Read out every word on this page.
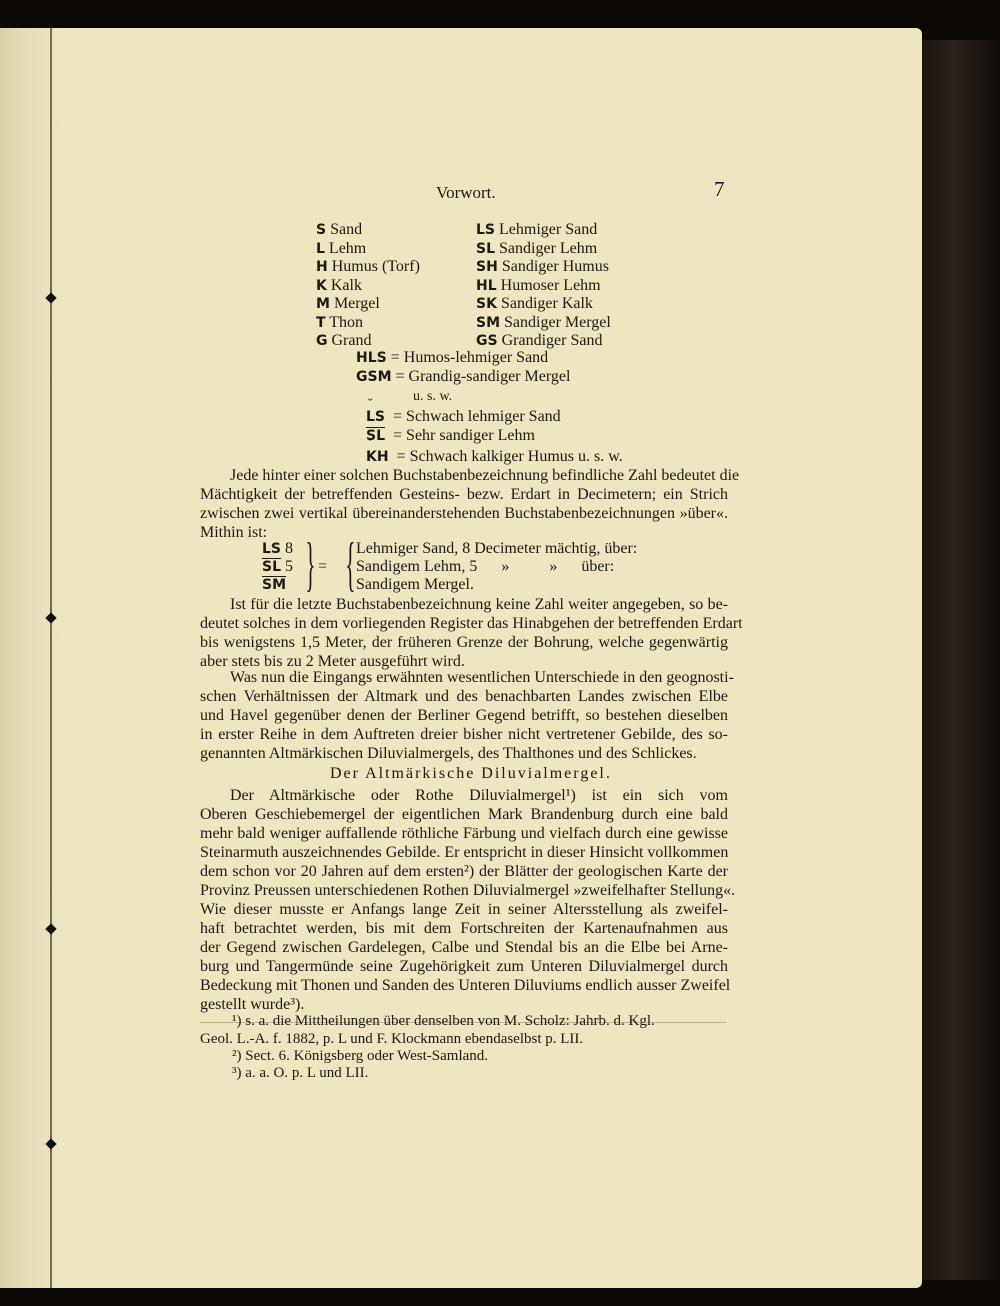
Vorwort.	7
S Sand
L Lehm
H Humus (Torf)
K Kalk
M Mergel
T Thon
G Grand
LS Lehmiger Sand
SL Sandiger Lehm
SH Sandiger Humus
HL Humoser Lehm
SK Sandiger Kalk
SM Sandiger Mergel
GS Grandiger Sand
HLS = Humos-lehmiger Sand
GSM = Grandig-sandiger Mergel
u. s. w.
˘ LS = Schwach lehmiger Sand
$\overline{SL}$ = Sehr sandiger Lehm
˘ KH = Schwach kalkiger Humus u. s. w.
Jede hinter einer solchen Buchstabenbezeichnung befindliche Zahl bedeutet die
Mächtigkeit der betreffenden Gesteins- bezw. Erdart in Decimetern; ein Strich
zwischen zwei vertikal übereinanderstehenden Buchstabenbezeichnungen »über«.
Mithin ist:
LS 8
$\overline{SL}$ 5
$\overline{SM}$ } = { Lehmiger Sand, 8 Decimeter mächtig, über:
Sandigem Lehm, 5      »          »      über:
Sandigem Mergel.
Ist für die letzte Buchstabenbezeichnung keine Zahl weiter angegeben, so be-
deutet solches in dem vorliegenden Register das Hinabgehen der betreffenden Erdart
bis wenigstens 1,5 Meter, der früheren Grenze der Bohrung, welche gegenwärtig
aber stets bis zu 2 Meter ausgeführt wird.
Was nun die Eingangs erwähnten wesentlichen Unterschiede in den geognosti-
schen Verhältnissen der Altmark und des benachbarten Landes zwischen Elbe
und Havel gegenüber denen der Berliner Gegend betrifft, so bestehen dieselben
in erster Reihe in dem Auftreten dreier bisher nicht vertretener Gebilde, des so-
genannten Altmärkischen Diluvialmergels, des Thalthones und des Schlickes.
Der Altmärkische Diluvialmergel.
Der Altmärkische oder Rothe Diluvialmergel¹) ist ein sich vom
Oberen Geschiebemergel der eigentlichen Mark Brandenburg durch eine bald
mehr bald weniger auffallende röthliche Färbung und vielfach durch eine gewisse
Steinarmuth auszeichnendes Gebilde. Er entspricht in dieser Hinsicht vollkommen
dem schon vor 20 Jahren auf dem ersten²) der Blätter der geologischen Karte der
Provinz Preussen unterschiedenen Rothen Diluvialmergel »zweifelhafter Stellung«.
Wie dieser musste er Anfangs lange Zeit in seiner Altersstellung als zweifel-
haft betrachtet werden, bis mit dem Fortschreiten der Kartenaufnahmen aus
der Gegend zwischen Gardelegen, Calbe und Stendal bis an die Elbe bei Arne-
burg und Tangermünde seine Zugehörigkeit zum Unteren Diluvialmergel durch
Bedeckung mit Thonen und Sanden des Unteren Diluviums endlich ausser Zweifel
gestellt wurde³).
¹) s. a. die Mittheilungen über denselben von M. Scholz: Jahrb. d. Kgl.
Geol. L.-A. f. 1882, p. L und F. Klockmann ebendaselbst p. LII.
²) Sect. 6. Königsberg oder West-Samland.
³) a. a. O. p. L und LII.
